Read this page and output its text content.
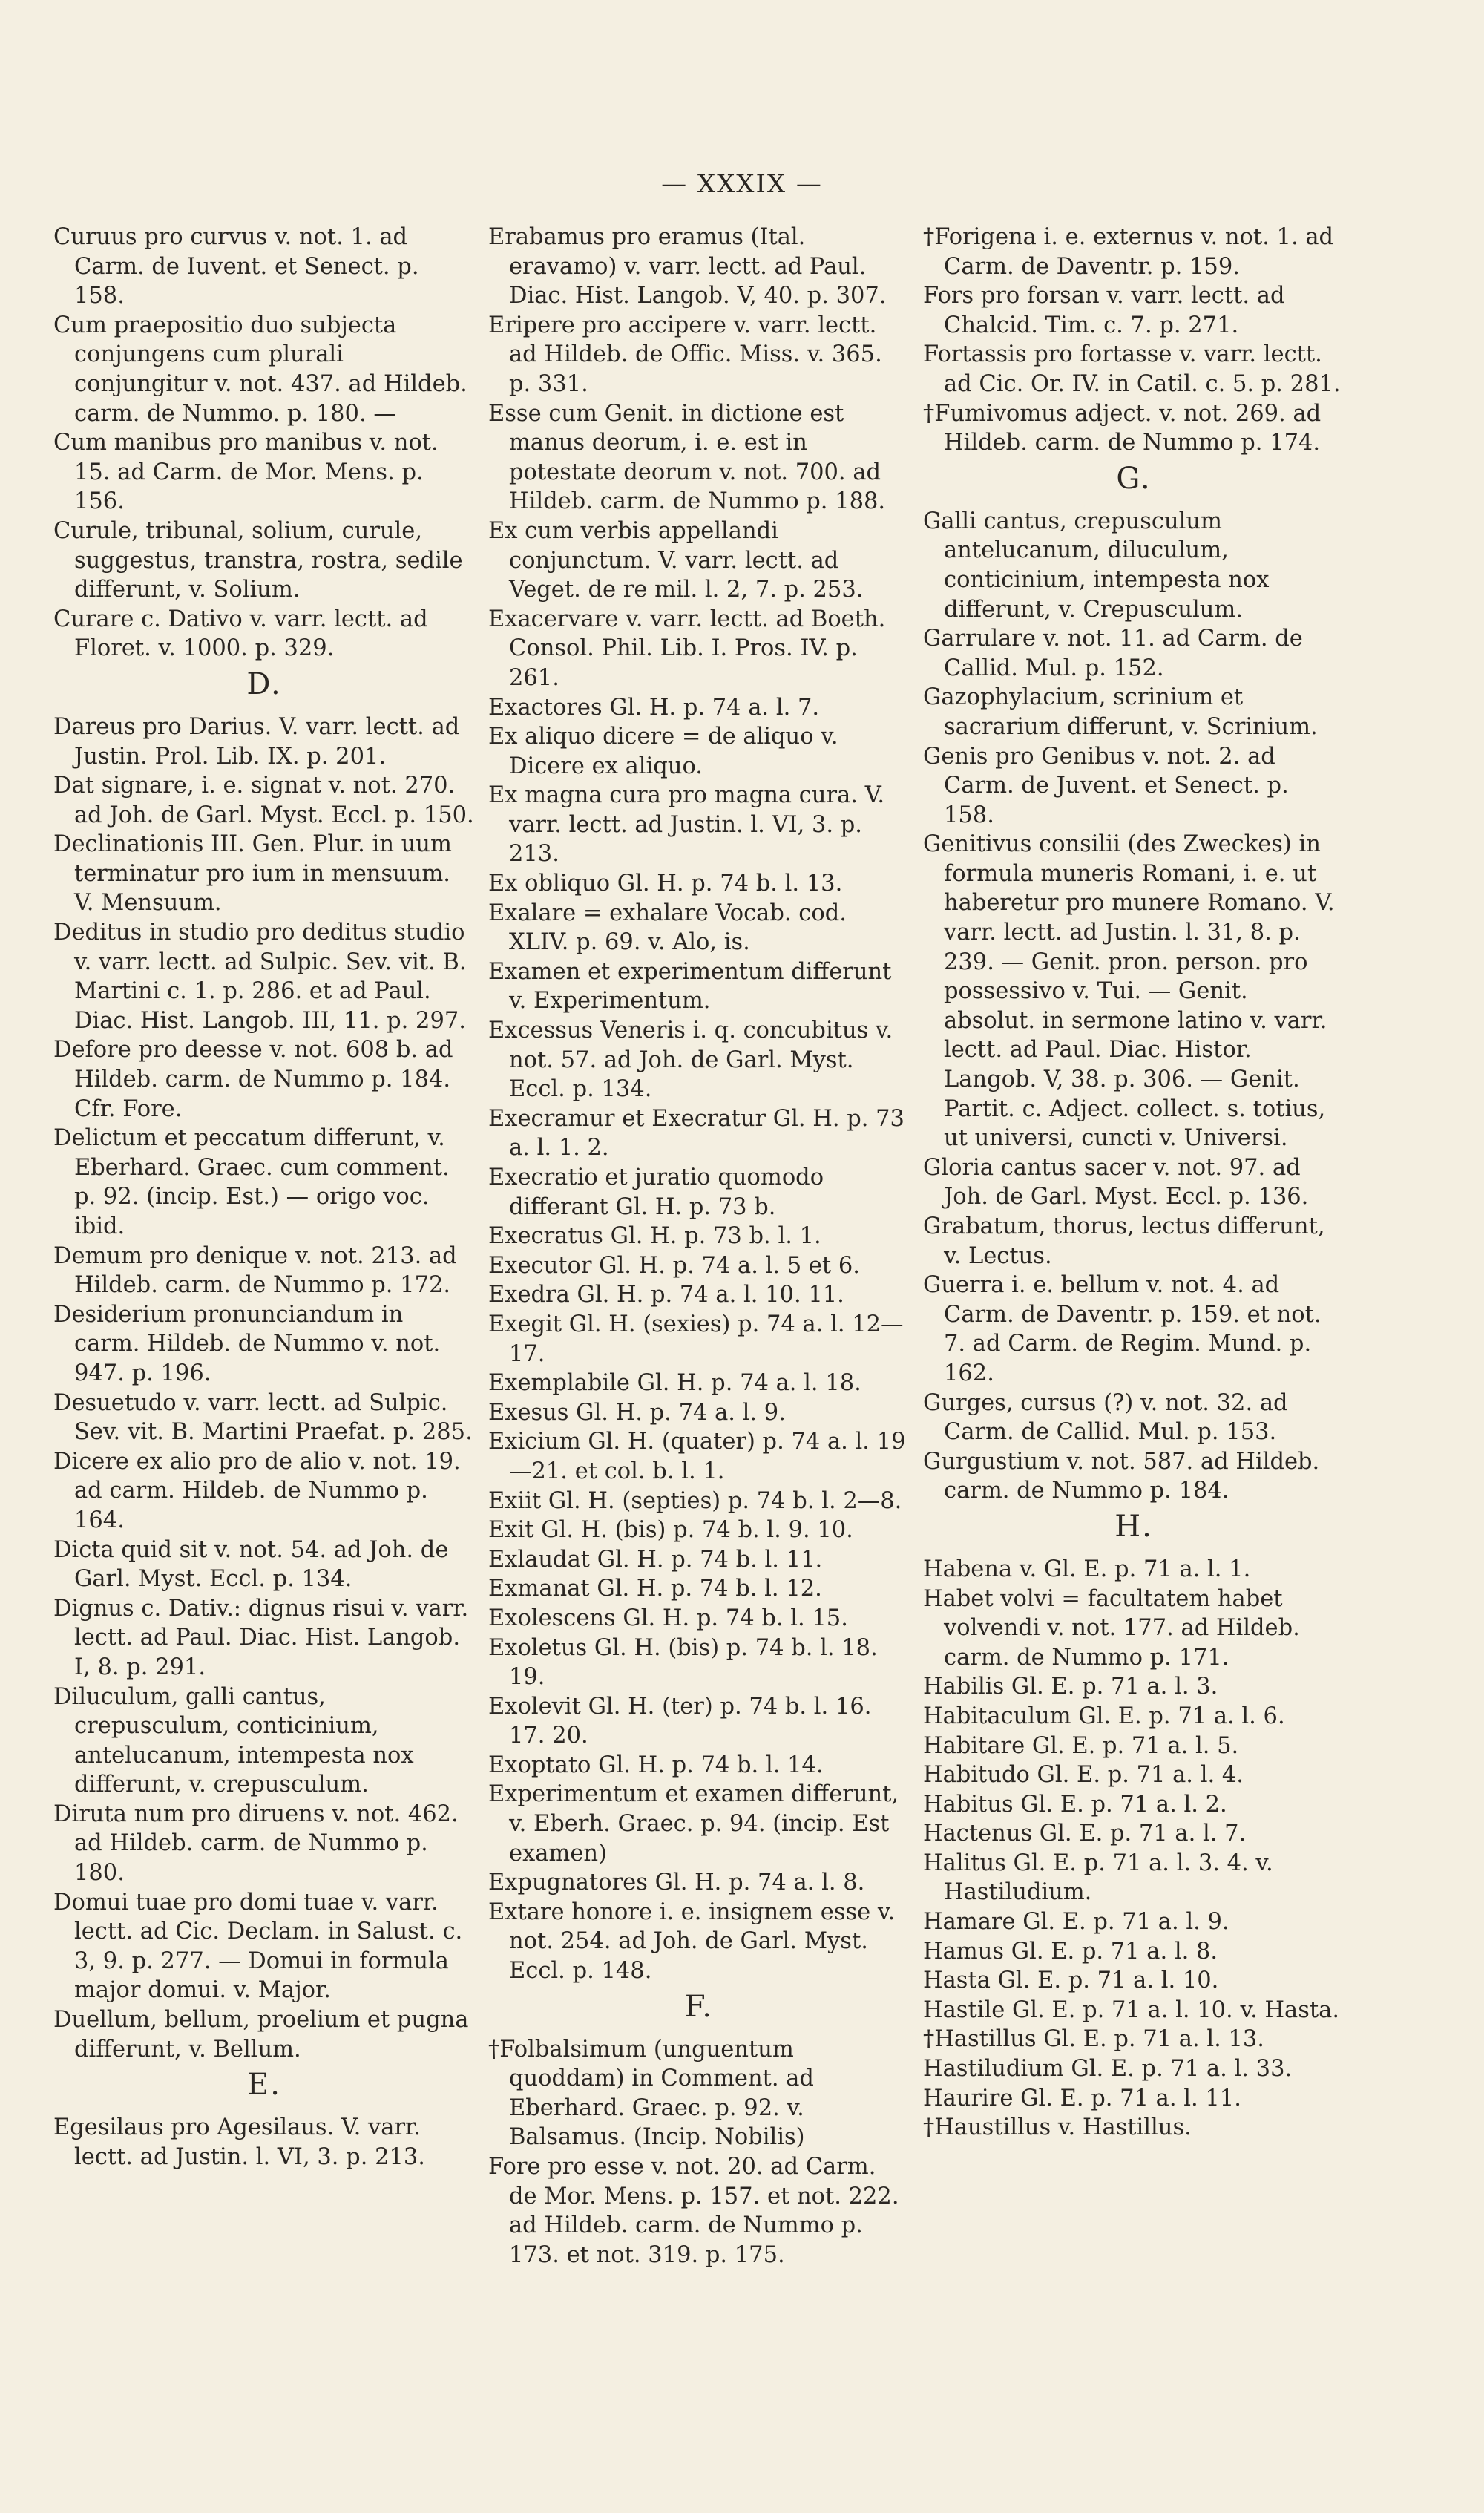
— XXXIX —
Curuus pro curvus v. not. 1. ad Carm. de Iuvent. et Senect. p. 158.
Cum praepositio duo subjecta conjungens cum plurali conjungitur v. not. 437. ad Hildeb. carm. de Nummo. p. 180. —
Cum manibus pro manibus v. not. 15. ad Carm. de Mor. Mens. p. 156.
Curule, tribunal, solium, curule, suggestus, transtra, rostra, sedile differunt, v. Solium.
Curare c. Dativo v. varr. lectt. ad Floret. v. 1000. p. 329.
D.
Dareus pro Darius. V. varr. lectt. ad Justin. Prol. Lib. IX. p. 201.
Dat signare, i. e. signat v. not. 270. ad Joh. de Garl. Myst. Eccl. p. 150.
Declinationis III. Gen. Plur. in uum terminatur pro ium in mensuum. V. Mensuum.
Deditus in studio pro deditus studio v. varr. lectt. ad Sulpic. Sev. vit. B. Martini c. 1. p. 286. et ad Paul. Diac. Hist. Langob. III, 11. p. 297.
Defore pro deesse v. not. 608 b. ad Hildeb. carm. de Nummo p. 184. Cfr. Fore.
Delictum et peccatum differunt, v. Eberhard. Graec. cum comment. p. 92. (incip. Est.) — origo voc. ibid.
Demum pro denique v. not. 213. ad Hildeb. carm. de Nummo p. 172.
Desiderium pronunciandum in carm. Hildeb. de Nummo v. not. 947. p. 196.
Desuetudo v. varr. lectt. ad Sulpic. Sev. vit. B. Martini Praefat. p. 285.
Dicere ex alio pro de alio v. not. 19. ad carm. Hildeb. de Nummo p. 164.
Dicta quid sit v. not. 54. ad Joh. de Garl. Myst. Eccl. p. 134.
Dignus c. Dativ.: dignus risui v. varr. lectt. ad Paul. Diac. Hist. Langob. I, 8. p. 291.
Diluculum, galli cantus, crepusculum, conticinium, antelucanum, intempesta nox differunt, v. crepusculum.
Diruta num pro diruens v. not. 462. ad Hildeb. carm. de Nummo p. 180.
Domui tuae pro domi tuae v. varr. lectt. ad Cic. Declam. in Salust. c. 3, 9. p. 277. — Domui in formula major domui. v. Major.
Duellum, bellum, proelium et pugna differunt, v. Bellum.
E.
Egesilaus pro Agesilaus. V. varr. lectt. ad Justin. l. VI, 3. p. 213.
Erabamus pro eramus (Ital. eravamo) v. varr. lectt. ad Paul. Diac. Hist. Langob. V, 40. p. 307.
Eripere pro accipere v. varr. lectt. ad Hildeb. de Offic. Miss. v. 365. p. 331.
Esse cum Genit. in dictione est manus deorum, i. e. est in potestate deorum v. not. 700. ad Hildeb. carm. de Nummo p. 188.
Ex cum verbis appellandi conjunctum. V. varr. lectt. ad Veget. de re mil. l. 2, 7. p. 253.
Exacervare v. varr. lectt. ad Boeth. Consol. Phil. Lib. I. Pros. IV. p. 261.
Exactores Gl. H. p. 74 a. l. 7.
Ex aliquo dicere = de aliquo v. Dicere ex aliquo.
Ex magna cura pro magna cura. V. varr. lectt. ad Justin. l. VI, 3. p. 213.
Ex obliquo Gl. H. p. 74 b. l. 13.
Exalare = exhalare Vocab. cod. XLIV. p. 69. v. Alo, is.
Examen et experimentum differunt v. Experimentum.
Excessus Veneris i. q. concubitus v. not. 57. ad Joh. de Garl. Myst. Eccl. p. 134.
Execramur et Execratur Gl. H. p. 73 a. l. 1. 2.
Execratio et juratio quomodo differant Gl. H. p. 73 b.
Execratus Gl. H. p. 73 b. l. 1.
Executor Gl. H. p. 74 a. l. 5 et 6.
Exedra Gl. H. p. 74 a. l. 10. 11.
Exegit Gl. H. (sexies) p. 74 a. l. 12—17.
Exemplabile Gl. H. p. 74 a. l. 18.
Exesus Gl. H. p. 74 a. l. 9.
Exicium Gl. H. (quater) p. 74 a. l. 19—21. et col. b. l. 1.
Exiit Gl. H. (septies) p. 74 b. l. 2—8.
Exit Gl. H. (bis) p. 74 b. l. 9. 10.
Exlaudat Gl. H. p. 74 b. l. 11.
Exmanat Gl. H. p. 74 b. l. 12.
Exolescens Gl. H. p. 74 b. l. 15.
Exoletus Gl. H. (bis) p. 74 b. l. 18. 19.
Exolevit Gl. H. (ter) p. 74 b. l. 16. 17. 20.
Exoptato Gl. H. p. 74 b. l. 14.
Experimentum et examen differunt, v. Eberh. Graec. p. 94. (incip. Est examen)
Expugnatores Gl. H. p. 74 a. l. 8.
Extare honore i. e. insignem esse v. not. 254. ad Joh. de Garl. Myst. Eccl. p. 148.
F.
†Folbalsimum (unguentum quoddam) in Comment. ad Eberhard. Graec. p. 92. v. Balsamus. (Incip. Nobilis)
Fore pro esse v. not. 20. ad Carm. de Mor. Mens. p. 157. et not. 222. ad Hildeb. carm. de Nummo p. 173. et not. 319. p. 175.
†Forigena i. e. externus v. not. 1. ad Carm. de Daventr. p. 159.
Fors pro forsan v. varr. lectt. ad Chalcid. Tim. c. 7. p. 271.
Fortassis pro fortasse v. varr. lectt. ad Cic. Or. IV. in Catil. c. 5. p. 281.
†Fumivomus adject. v. not. 269. ad Hildeb. carm. de Nummo p. 174.
G.
Galli cantus, crepusculum antelucanum, diluculum, conticinium, intempesta nox differunt, v. Crepusculum.
Garrulare v. not. 11. ad Carm. de Callid. Mul. p. 152.
Gazophylacium, scrinium et sacrarium differunt, v. Scrinium.
Genis pro Genibus v. not. 2. ad Carm. de Juvent. et Senect. p. 158.
Genitivus consilii (des Zweckes) in formula muneris Romani, i. e. ut haberetur pro munere Romano. V. varr. lectt. ad Justin. l. 31, 8. p. 239. — Genit. pron. person. pro possessivo v. Tui. — Genit. absolut. in sermone latino v. varr. lectt. ad Paul. Diac. Histor. Langob. V, 38. p. 306. — Genit. Partit. c. Adject. collect. s. totius, ut universi, cuncti v. Universi.
Gloria cantus sacer v. not. 97. ad Joh. de Garl. Myst. Eccl. p. 136.
Grabatum, thorus, lectus differunt, v. Lectus.
Guerra i. e. bellum v. not. 4. ad Carm. de Daventr. p. 159. et not. 7. ad Carm. de Regim. Mund. p. 162.
Gurges, cursus (?) v. not. 32. ad Carm. de Callid. Mul. p. 153.
Gurgustium v. not. 587. ad Hildeb. carm. de Nummo p. 184.
H.
Habena v. Gl. E. p. 71 a. l. 1.
Habet volvi = facultatem habet volvendi v. not. 177. ad Hildeb. carm. de Nummo p. 171.
Habilis Gl. E. p. 71 a. l. 3.
Habitaculum Gl. E. p. 71 a. l. 6.
Habitare Gl. E. p. 71 a. l. 5.
Habitudo Gl. E. p. 71 a. l. 4.
Habitus Gl. E. p. 71 a. l. 2.
Hactenus Gl. E. p. 71 a. l. 7.
Halitus Gl. E. p. 71 a. l. 3. 4. v. Hastiludium.
Hamare Gl. E. p. 71 a. l. 9.
Hamus Gl. E. p. 71 a. l. 8.
Hasta Gl. E. p. 71 a. l. 10.
Hastile Gl. E. p. 71 a. l. 10. v. Hasta.
†Hastillus Gl. E. p. 71 a. l. 13.
Hastiludium Gl. E. p. 71 a. l. 33.
Haurire Gl. E. p. 71 a. l. 11.
†Haustillus v. Hastillus.
